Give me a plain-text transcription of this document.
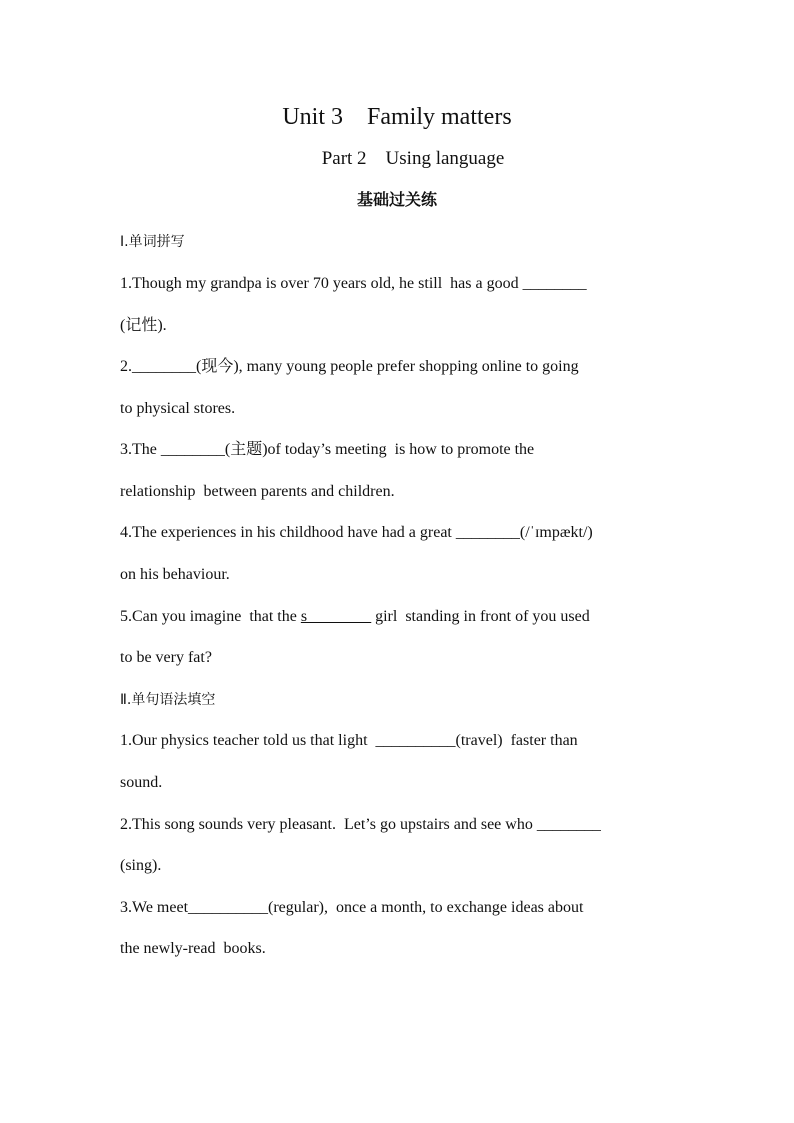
Unit 3    Family matters
Part 2    Using language
基础过关练
Ⅰ.单词拼写
1.Though my grandpa is over 70 years old, he still  has a good ________
(记性).
2.________(现今), many young people prefer shopping online to going
to physical stores.
3.The ________(主题)of today’s meeting  is how to promote the
relationship  between parents and children.
4.The experiences in his childhood have had a great ________(/ˈɪmpækt/)
on his behaviour.
5.Can you imagine  that the s________ girl  standing in front of you used
to be very fat?
Ⅱ.单句语法填空
1.Our physics teacher told us that light  __________(travel)  faster than
sound.
2.This song sounds very pleasant.  Let’s go upstairs and see who ________
(sing).
3.We meet__________(regular),  once a month, to exchange ideas about
the newly-read  books.
